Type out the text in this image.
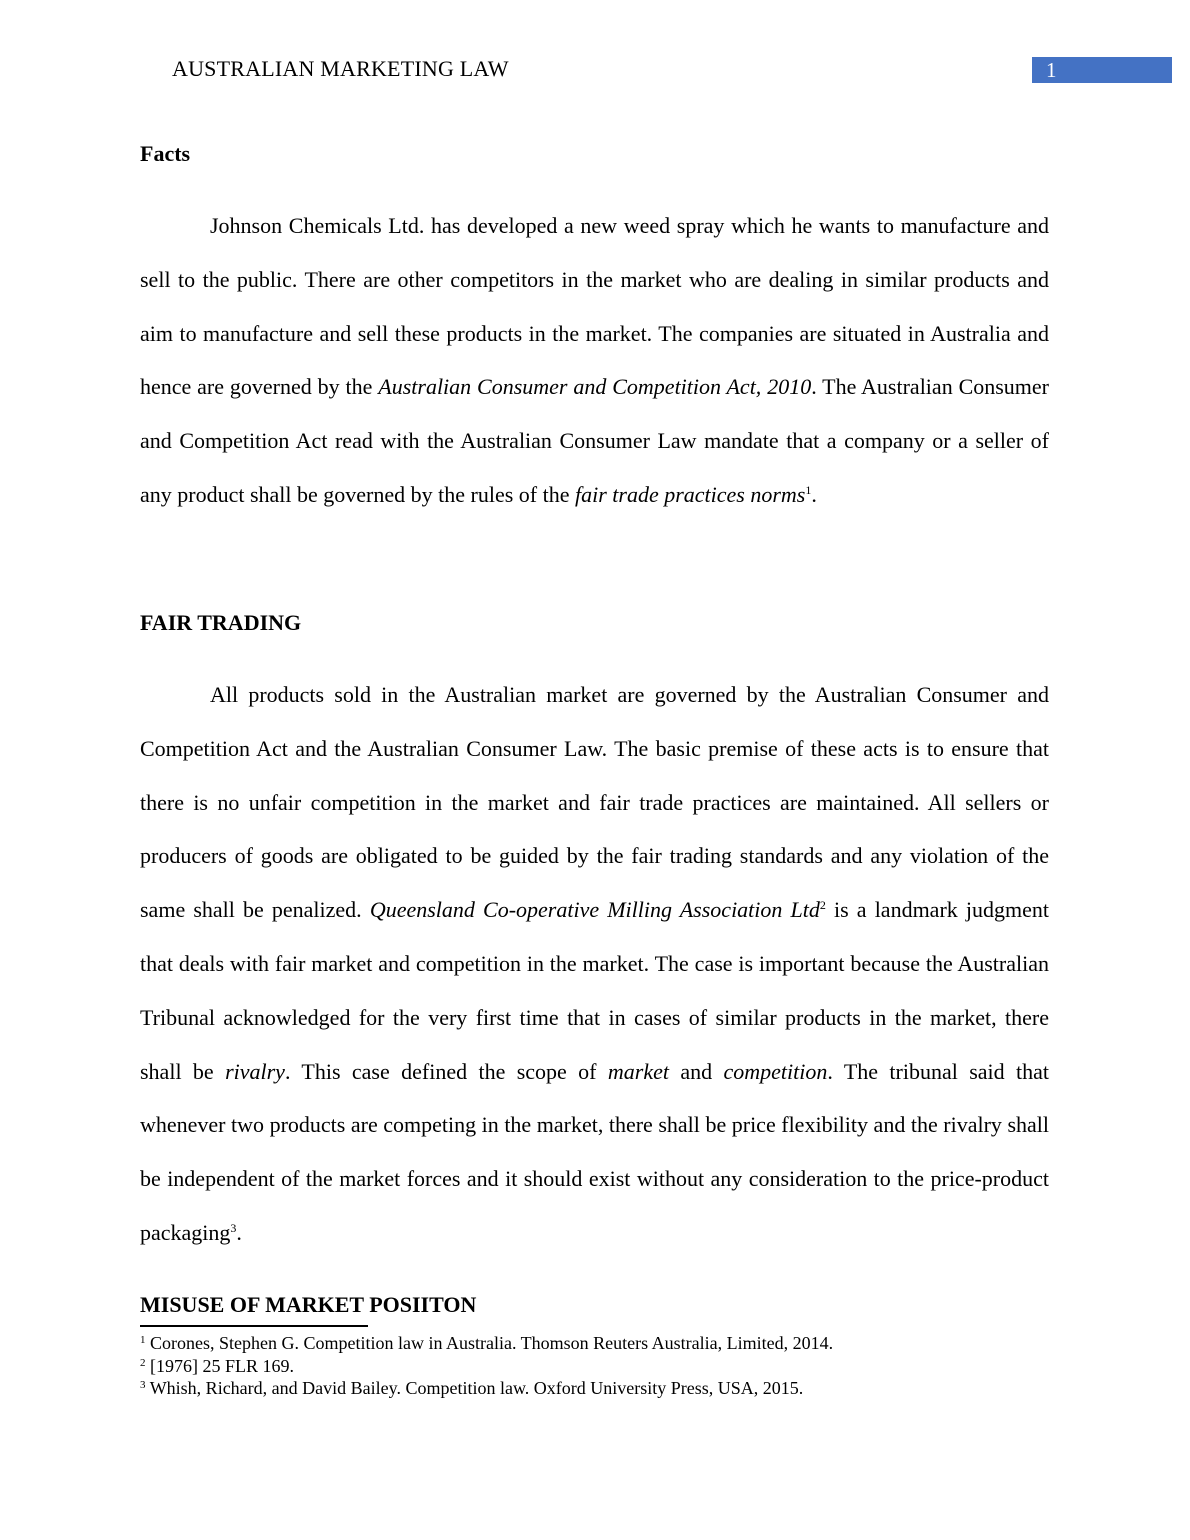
AUSTRALIAN MARKETING LAW	1
Facts

Johnson Chemicals Ltd. has developed a new weed spray which he wants to manufacture and sell to the public. There are other competitors in the market who are dealing in similar products and aim to manufacture and sell these products in the market. The companies are situated in Australia and hence are governed by the Australian Consumer and Competition Act, 2010. The Australian Consumer and Competition Act read with the Australian Consumer Law mandate that a company or a seller of any product shall be governed by the rules of the fair trade practices norms$^1$.

FAIR TRADING

All products sold in the Australian market are governed by the Australian Consumer and Competition Act and the Australian Consumer Law. The basic premise of these acts is to ensure that there is no unfair competition in the market and fair trade practices are maintained. All sellers or producers of goods are obligated to be guided by the fair trading standards and any violation of the same shall be penalized. Queensland Co-operative Milling Association Ltd$^2$ is a landmark judgment that deals with fair market and competition in the market. The case is important because the Australian Tribunal acknowledged for the very first time that in cases of similar products in the market, there shall be rivalry. This case defined the scope of market and competition. The tribunal said that whenever two products are competing in the market, there shall be price flexibility and the rivalry shall be independent of the market forces and it should exist without any consideration to the price-product packaging$^3$.

MISUSE OF MARKET POSIITON
$^1$ Corones, Stephen G. Competition law in Australia. Thomson Reuters Australia, Limited, 2014.
$^2$ [1976] 25 FLR 169.
$^3$ Whish, Richard, and David Bailey. Competition law. Oxford University Press, USA, 2015.
